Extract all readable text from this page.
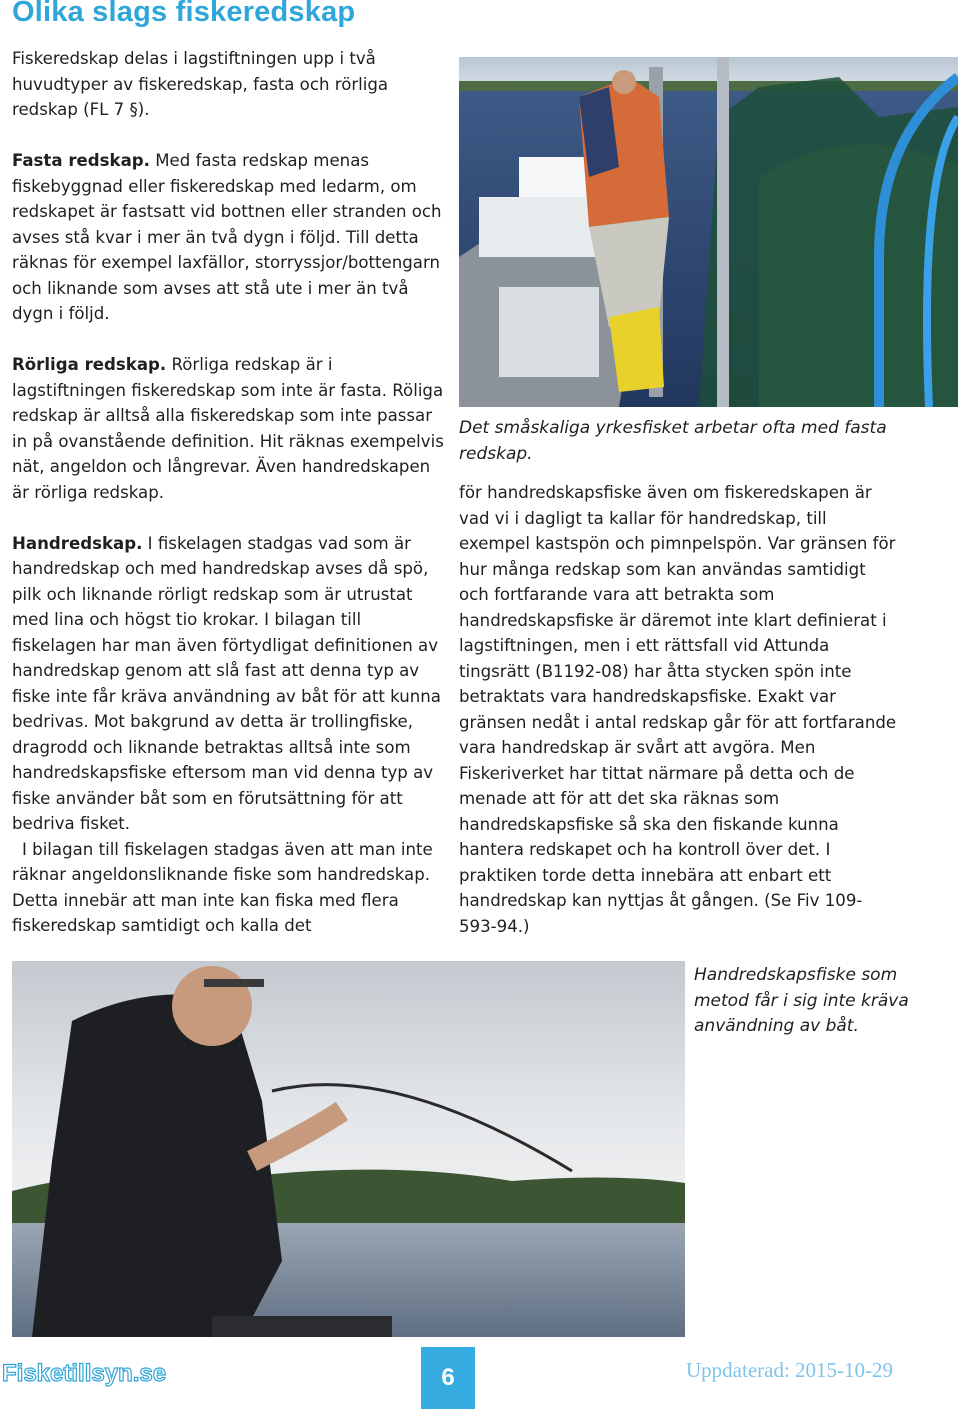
Olika slags fiskeredskap

Fiskeredskap delas i lagstiftningen upp i två huvudtyper av fiskeredskap, fasta och rörliga redskap (FL 7 §).

Fasta redskap. Med fasta redskap menas fiskebyggnad eller fiskeredskap med ledarm, om redskapet är fastsatt vid bottnen eller stranden och avses stå kvar i mer än två dygn i följd. Till detta räknas för exempel laxfällor, storryssjor/bottengarn och liknande som avses att stå ute i mer än två dygn i följd.

Rörliga redskap. Rörliga redskap är i lagstiftningen fiskeredskap som inte är fasta. Röliga redskap är alltså alla fiskeredskap som inte passar in på ovanstående definition. Hit räknas exempelvis nät, angeldon och långrevar. Även handredskapen är rörliga redskap.

Handredskap. I fiskelagen stadgas vad som är handredskap och med handredskap avses då spö, pilk och liknande rörligt redskap som är utrustat med lina och högst tio krokar. I bilagan till fiskelagen har man även förtydligat definitionen av handredskap genom att slå fast att denna typ av fiske inte får kräva användning av båt för att kunna bedrivas. Mot bakgrund av detta är trollingfiske, dragrodd och liknande betraktas alltså inte som handredskapsfiske eftersom man vid denna typ av fiske använder båt som en förutsättning för att bedriva fisket.

I bilagan till fiskelagen stadgas även att man inte räknar angeldonsliknande fiske som handredskap. Detta innebär att man inte kan fiska med flera fiskeredskap samtidigt och kalla det

Det småskaliga yrkesfisket arbetar ofta med fasta redskap.

för handredskapsfiske även om fiskeredskapen är vad vi i dagligt ta kallar för handredskap, till exempel kastspön och pimnpelspön. Var gränsen för hur många redskap som kan användas samtidigt och fortfarande vara att betrakta som handredskapsfiske är däremot inte klart definierat i lagstiftningen, men i ett rättsfall vid Attunda tingsrätt (B1192-08) har åtta stycken spön inte betraktats vara handredskapsfiske. Exakt var gränsen nedåt i antal redskap går för att fortfarande vara handredskap är svårt att avgöra. Men Fiskeriverket har tittat närmare på detta och de menade att för att det ska räknas som handredskapsfiske så ska den fiskande kunna hantera redskapet och ha kontroll över det. I praktiken torde detta innebära att enbart ett handredskap kan nyttjas åt gången. (Se Fiv 109-593-94.)

Handredskapsfiske som metod får i sig inte kräva användning av båt.
Fisketillsyn.se	6	Uppdaterad: 2015-10-29
